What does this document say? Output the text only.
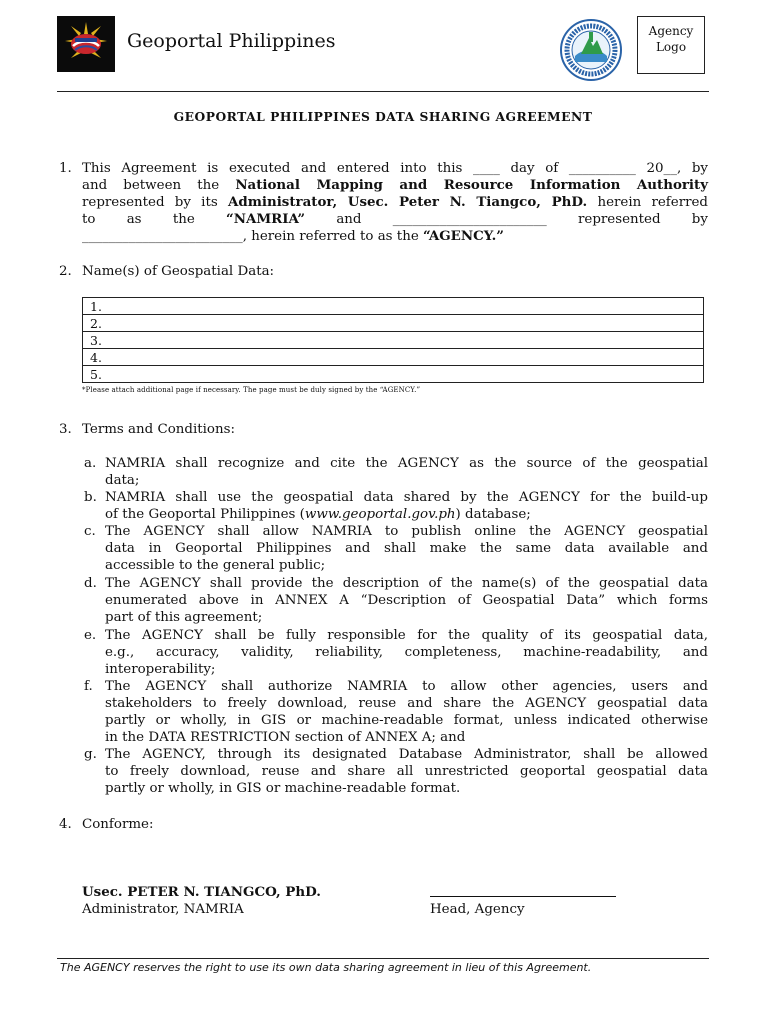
Geoportal Philippines	Agency
Logo
GEOPORTAL PHILIPPINES DATA SHARING AGREEMENT
1. This Agreement is executed and entered into this ____ day of __________ 20__, by
and between the National Mapping and Resource Information Authority
represented by its Administrator, Usec. Peter N. Tiangco, PhD. herein referred
to as the “NAMRIA” and _______________________ represented by
________________________, herein referred to as the “AGENCY.”
2. Name(s) of Geospatial Data:
1.
2.
3.
4.
5.
*Please attach additional page if necessary. The page must be duly signed by the “AGENCY.”
3. Terms and Conditions:
a. NAMRIA shall recognize and cite the AGENCY as the source of the geospatial
data;
b. NAMRIA shall use the geospatial data shared by the AGENCY for the build-up
of the Geoportal Philippines (www.geoportal.gov.ph) database;
c. The AGENCY shall allow NAMRIA to publish online the AGENCY geospatial
data in Geoportal Philippines and shall make the same data available and
accessible to the general public;
d. The AGENCY shall provide the description of the name(s) of the geospatial data
enumerated above in ANNEX A “Description of Geospatial Data” which forms
part of this agreement;
e. The AGENCY shall be fully responsible for the quality of its geospatial data,
e.g., accuracy, validity, reliability, completeness, machine-readability, and
interoperability;
f. The AGENCY shall authorize NAMRIA to allow other agencies, users and
stakeholders to freely download, reuse and share the AGENCY geospatial data
partly or wholly, in GIS or machine-readable format, unless indicated otherwise
in the DATA RESTRICTION section of ANNEX A; and
g. The AGENCY, through its designated Database Administrator, shall be allowed
to freely download, reuse and share all unrestricted geoportal geospatial data
partly or wholly, in GIS or machine-readable format.
4. Conforme:
Usec. PETER N. TIANGCO, PhD.
Administrator, NAMRIA	Head, Agency
The AGENCY reserves the right to use its own data sharing agreement in lieu of this Agreement.
